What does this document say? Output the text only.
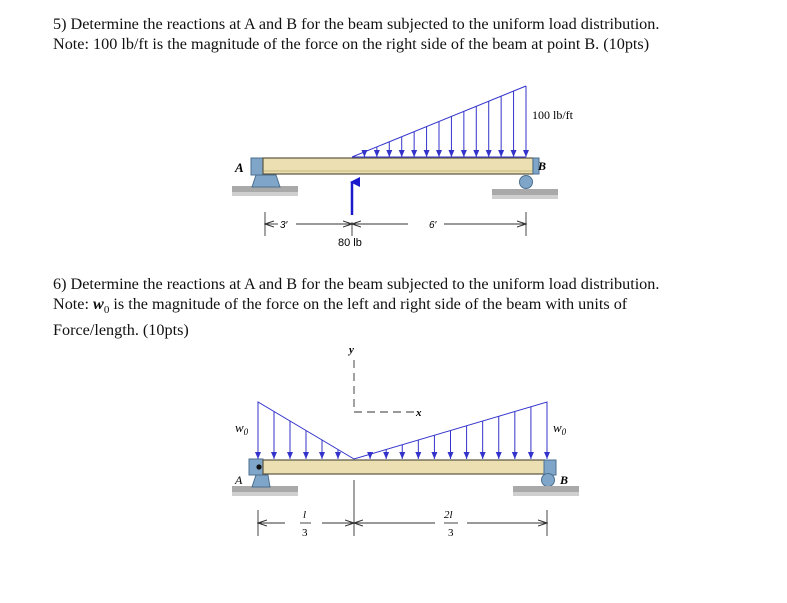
5) Determine the reactions at A and B for the beam subjected to the uniform load distribution.
Note: 100 lb/ft is the magnitude of the force on the right side of the beam at point B. (10pts)
6) Determine the reactions at A and B for the beam subjected to the uniform load distribution.
Note: $w_0$ is the magnitude of the force on the left and right side of the beam with units of
Force/length. (10pts)
A	B
100 lb/ft
80 lb
3′	6′
y
x
A	B
$w_0$	$w_0$
l
3
2l
3
